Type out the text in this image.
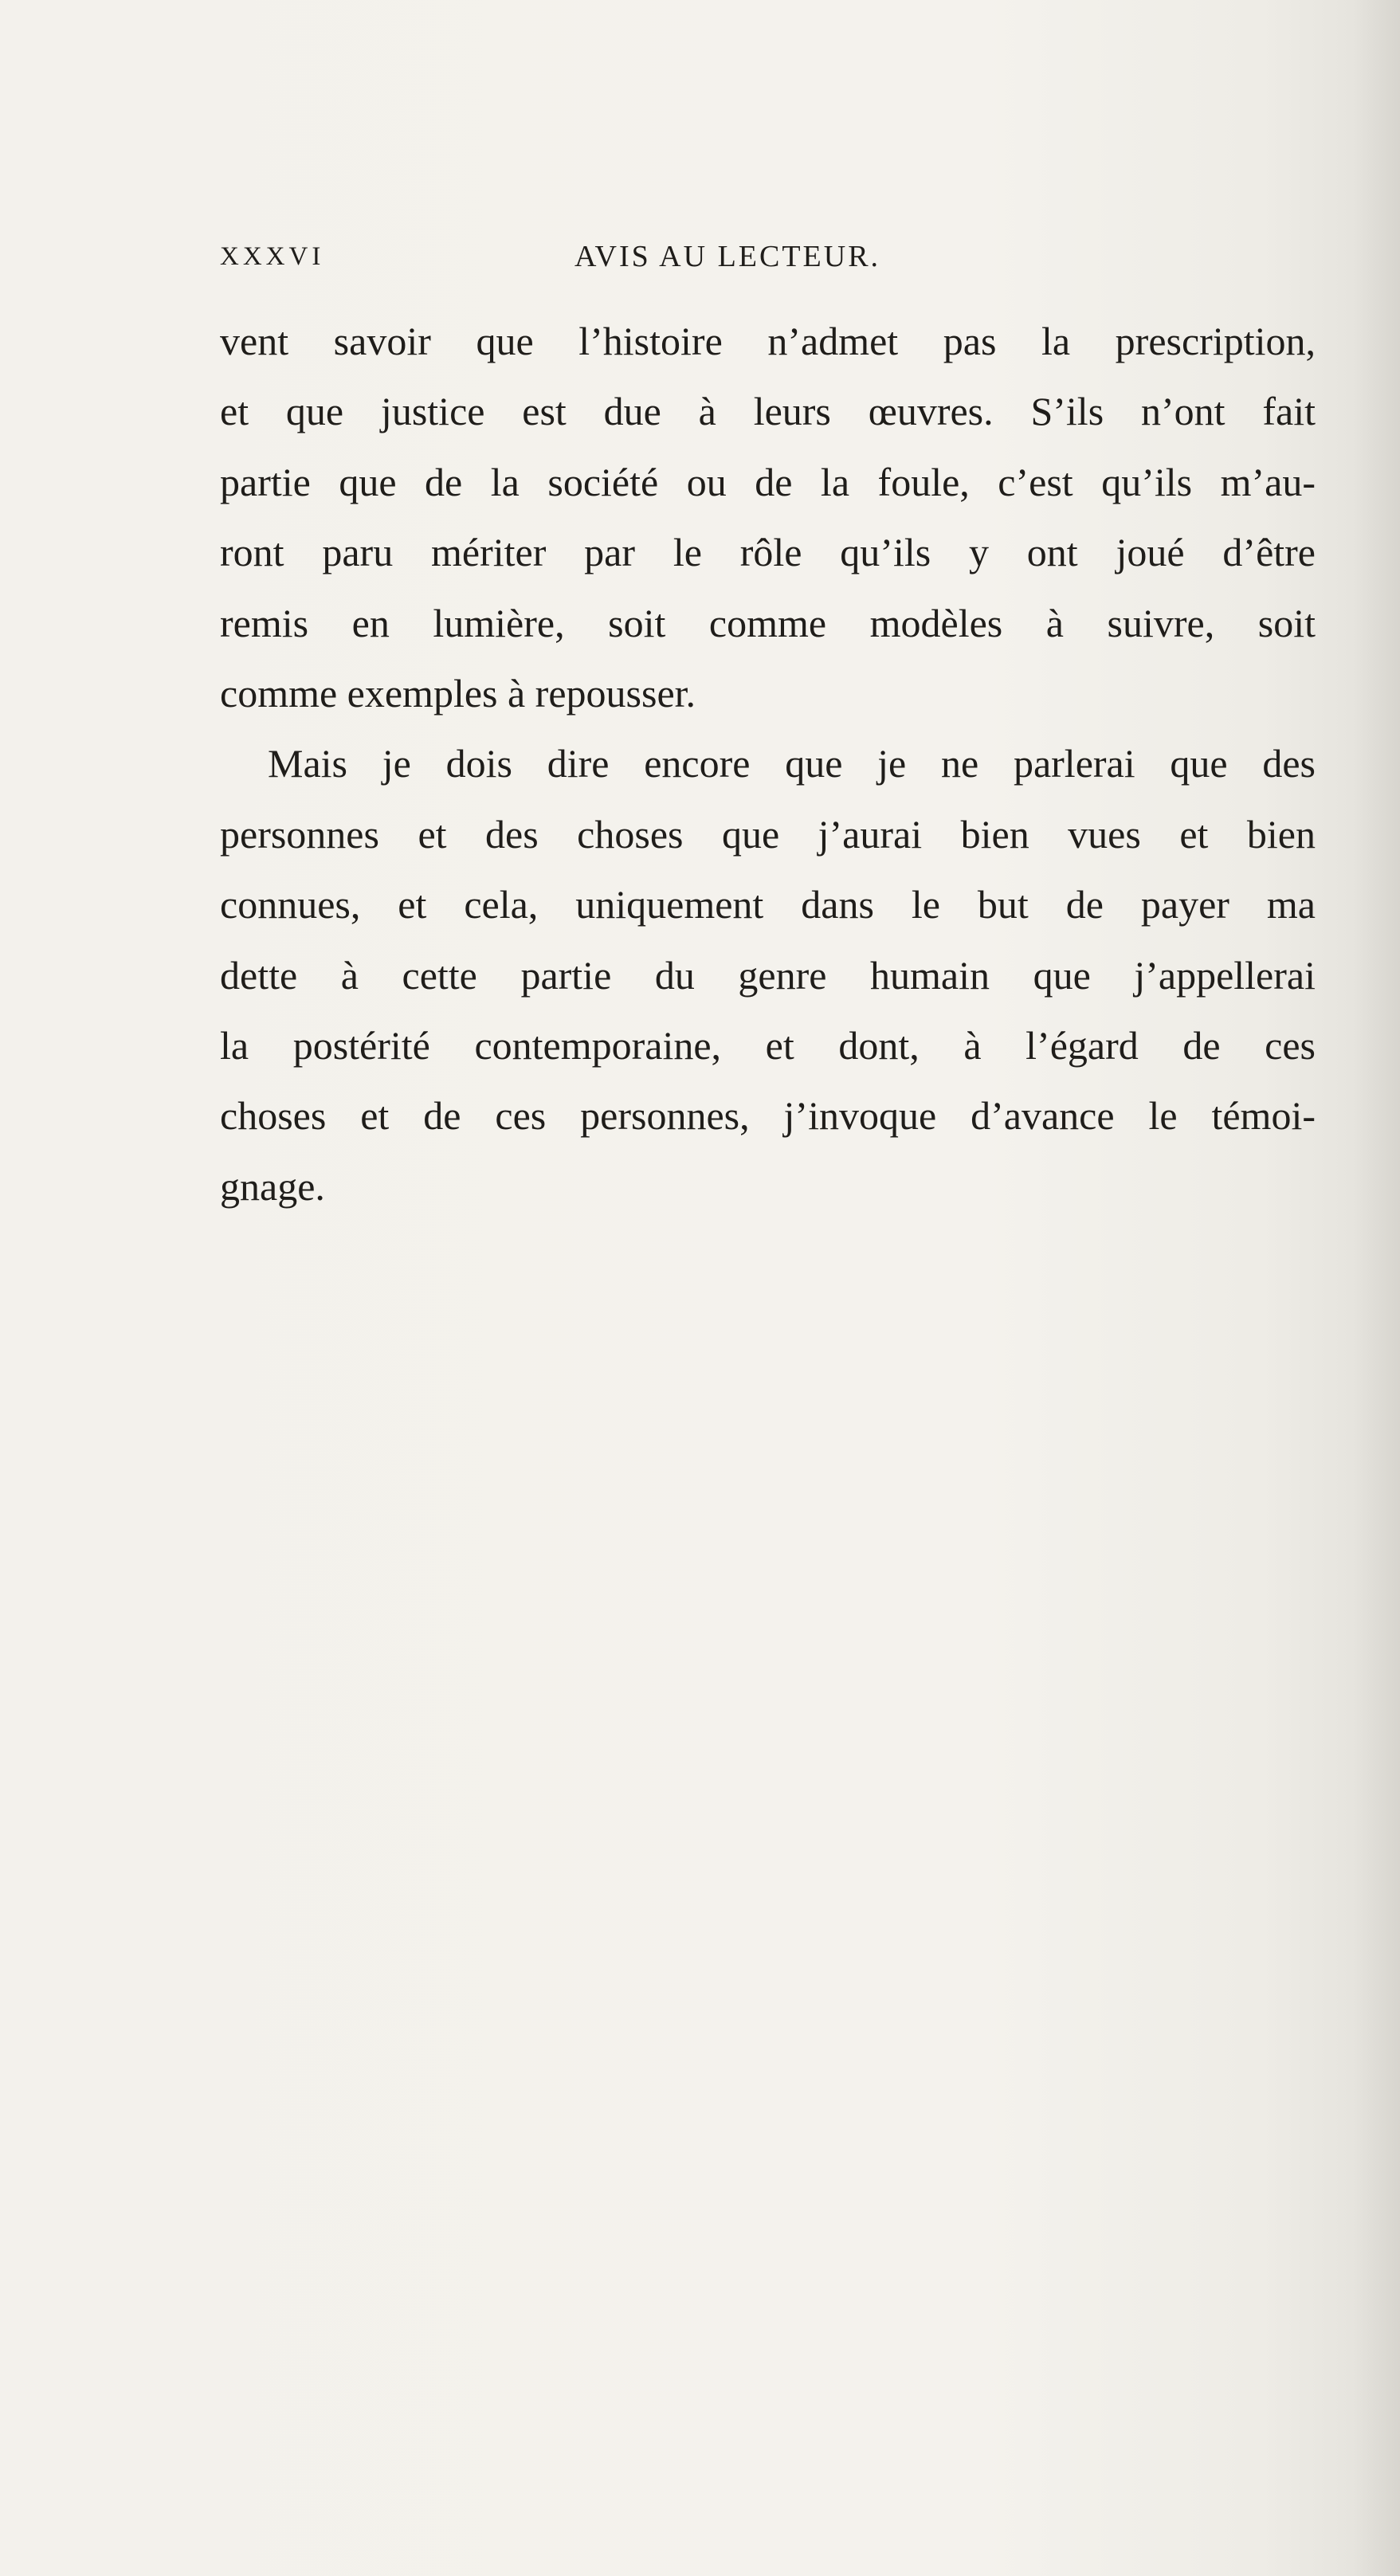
XXXVI	AVIS AU LECTEUR.
vent savoir que l’histoire n’admet pas la prescription,
et que justice est due à leurs œuvres. S’ils n’ont fait
partie que de la société ou de la foule, c’est qu’ils m’au-
ront paru mériter par le rôle qu’ils y ont joué d’être
remis en lumière, soit comme modèles à suivre, soit
comme exemples à repousser.
Mais je dois dire encore que je ne parlerai que des
personnes et des choses que j’aurai bien vues et bien
connues, et cela, uniquement dans le but de payer ma
dette à cette partie du genre humain que j’appellerai
la postérité contemporaine, et dont, à l’égard de ces
choses et de ces personnes, j’invoque d’avance le témoi-
gnage.
